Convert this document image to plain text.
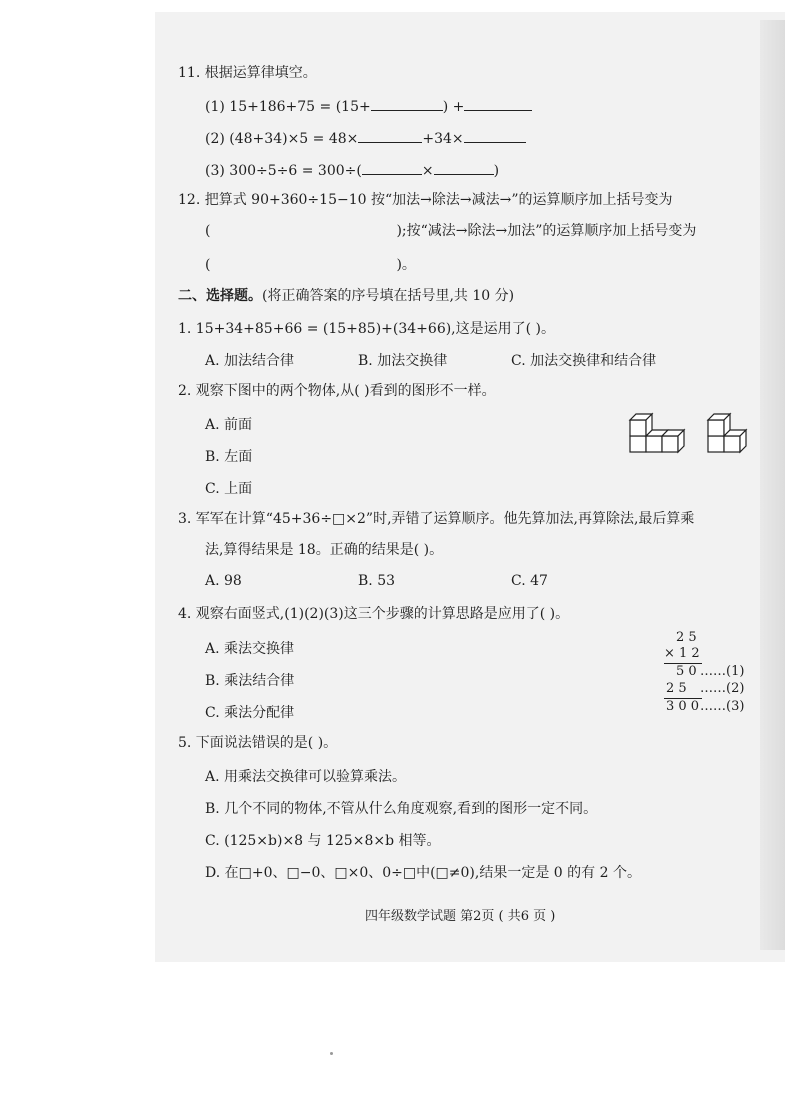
11. 根据运算律填空。
(1) 15+186+75 = (15+	) +
(2) (48+34)×5 = 48×	+34×
(3) 300÷5÷6 = 300÷(	×	)
12. 把算式 90+360÷15−10 按“加法→除法→减法→”的运算顺序加上括号变为
(	);按“减法→除法→加法”的运算顺序加上括号变为
(	)。
二、选择题。(将正确答案的序号填在括号里,共 10 分)
1. 15+34+85+66 = (15+85)+(34+66),这是运用了( )。
A. 加法结合律	B. 加法交换律	C. 加法交换律和结合律
2. 观察下图中的两个物体,从( )看到的图形不一样。
A. 前面
B. 左面
C. 上面
3. 军军在计算“45+36÷□×2”时,弄错了运算顺序。他先算加法,再算除法,最后算乘
法,算得结果是 18。正确的结果是( )。
A. 98	B. 53	C. 47
4. 观察右面竖式,(1)(2)(3)这三个步骤的计算思路是应用了( )。
A. 乘法交换律
B. 乘法结合律
C. 乘法分配律
2 5
× 1 2
5 0 ……(1)
2 5 ……(2)
3 0 0 ……(3)
5. 下面说法错误的是( )。
A. 用乘法交换律可以验算乘法。
B. 几个不同的物体,不管从什么角度观察,看到的图形一定不同。
C. (125×b)×8 与 125×8×b 相等。
D. 在□+0、□−0、□×0、0÷□中(□≠0),结果一定是 0 的有 2 个。
四年级数学试题 第2页 ( 共6 页 )
